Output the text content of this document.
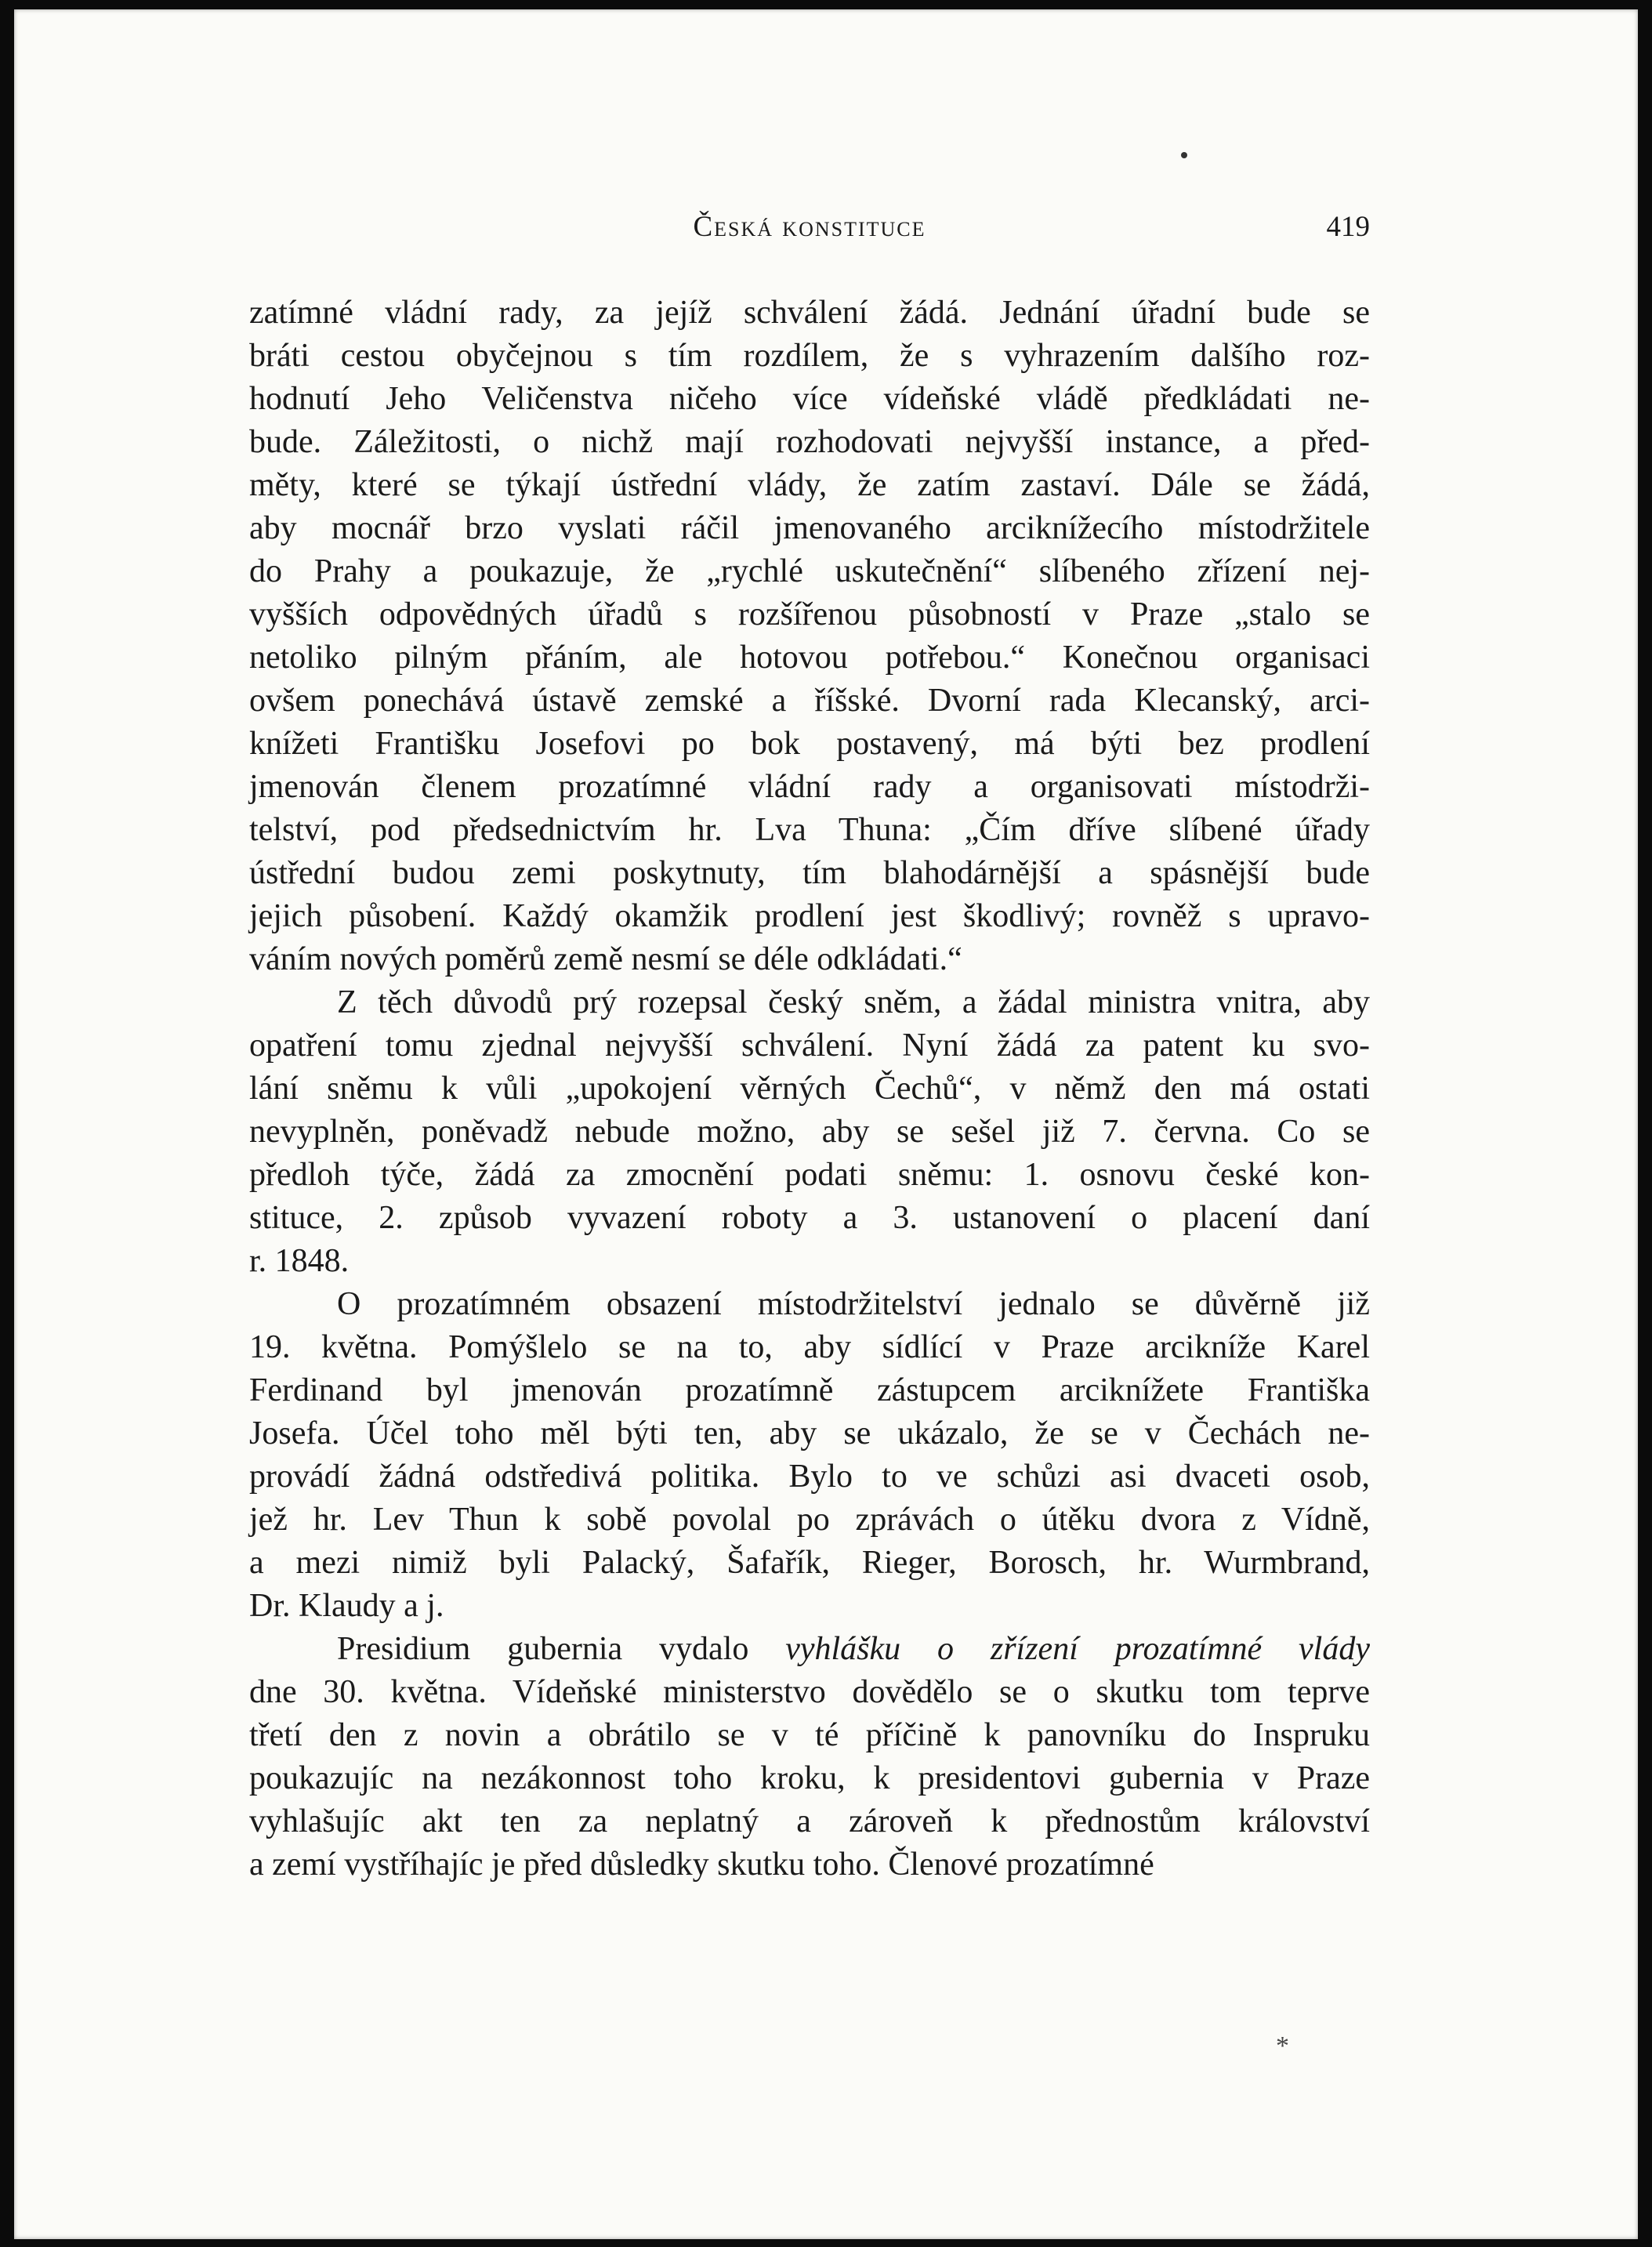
Česká konstituce	419

zatímné vládní rady, za jejíž schválení žádá. Jednání úřadní bude se

bráti cestou obyčejnou s tím rozdílem, že s vyhrazením dalšího roz-

hodnutí Jeho Veličenstva ničeho více vídeňské vládě předkládati ne-

bude. Záležitosti, o nichž mají rozhodovati nejvyšší instance, a před-

měty, které se týkají ústřední vlády, že zatím zastaví. Dále se žádá,

aby mocnář brzo vyslati ráčil jmenovaného arciknížecího místodržitele

do Prahy a poukazuje, že „rychlé uskutečnění“ slíbeného zřízení nej-

vyšších odpovědných úřadů s rozšířenou působností v Praze „stalo se

netoliko pilným přáním, ale hotovou potřebou.“ Konečnou organisaci

ovšem ponechává ústavě zemské a říšské. Dvorní rada Klecanský, arci-

knížeti Františku Josefovi po bok postavený, má býti bez prodlení

jmenován členem prozatímné vládní rady a organisovati místodrži-

telství, pod předsednictvím hr. Lva Thuna: „Čím dříve slíbené úřady

ústřední budou zemi poskytnuty, tím blahodárnější a spásnější bude

jejich působení. Každý okamžik prodlení jest škodlivý; rovněž s upravo-

váním nových poměrů země nesmí se déle odkládati.“

Z těch důvodů prý rozepsal český sněm, a žádal ministra vnitra, aby

opatření tomu zjednal nejvyšší schválení. Nyní žádá za patent ku svo-

lání sněmu k vůli „upokojení věrných Čechů“, v němž den má ostati

nevyplněn, poněvadž nebude možno, aby se sešel již 7. června. Co se

předloh týče, žádá za zmocnění podati sněmu: 1. osnovu české kon-

stituce, 2. způsob vyvazení roboty a 3. ustanovení o placení daní

r. 1848.

O prozatímném obsazení místodržitelství jednalo se důvěrně již

19. května. Pomýšlelo se na to, aby sídlící v Praze arcikníže Karel

Ferdinand byl jmenován prozatímně zástupcem arciknížete Františka

Josefa. Účel toho měl býti ten, aby se ukázalo, že se v Čechách ne-

provádí žádná odstředivá politika. Bylo to ve schůzi asi dvaceti osob,

jež hr. Lev Thun k sobě povolal po zprávách o útěku dvora z Vídně,

a mezi nimiž byli Palacký, Šafařík, Rieger, Borosch, hr. Wurmbrand,

Dr. Klaudy a j.

Presidium gubernia vydalo vyhlášku o zřízení prozatímné vlády

dne 30. května. Vídeňské ministerstvo dovědělo se o skutku tom teprve

třetí den z novin a obrátilo se v té příčině k panovníku do Inspruku

poukazujíc na nezákonnost toho kroku, k presidentovi gubernia v Praze

vyhlašujíc akt ten za neplatný a zároveň k přednostům království

a zemí vystříhajíc je před důsledky skutku toho. Členové prozatímné

*
